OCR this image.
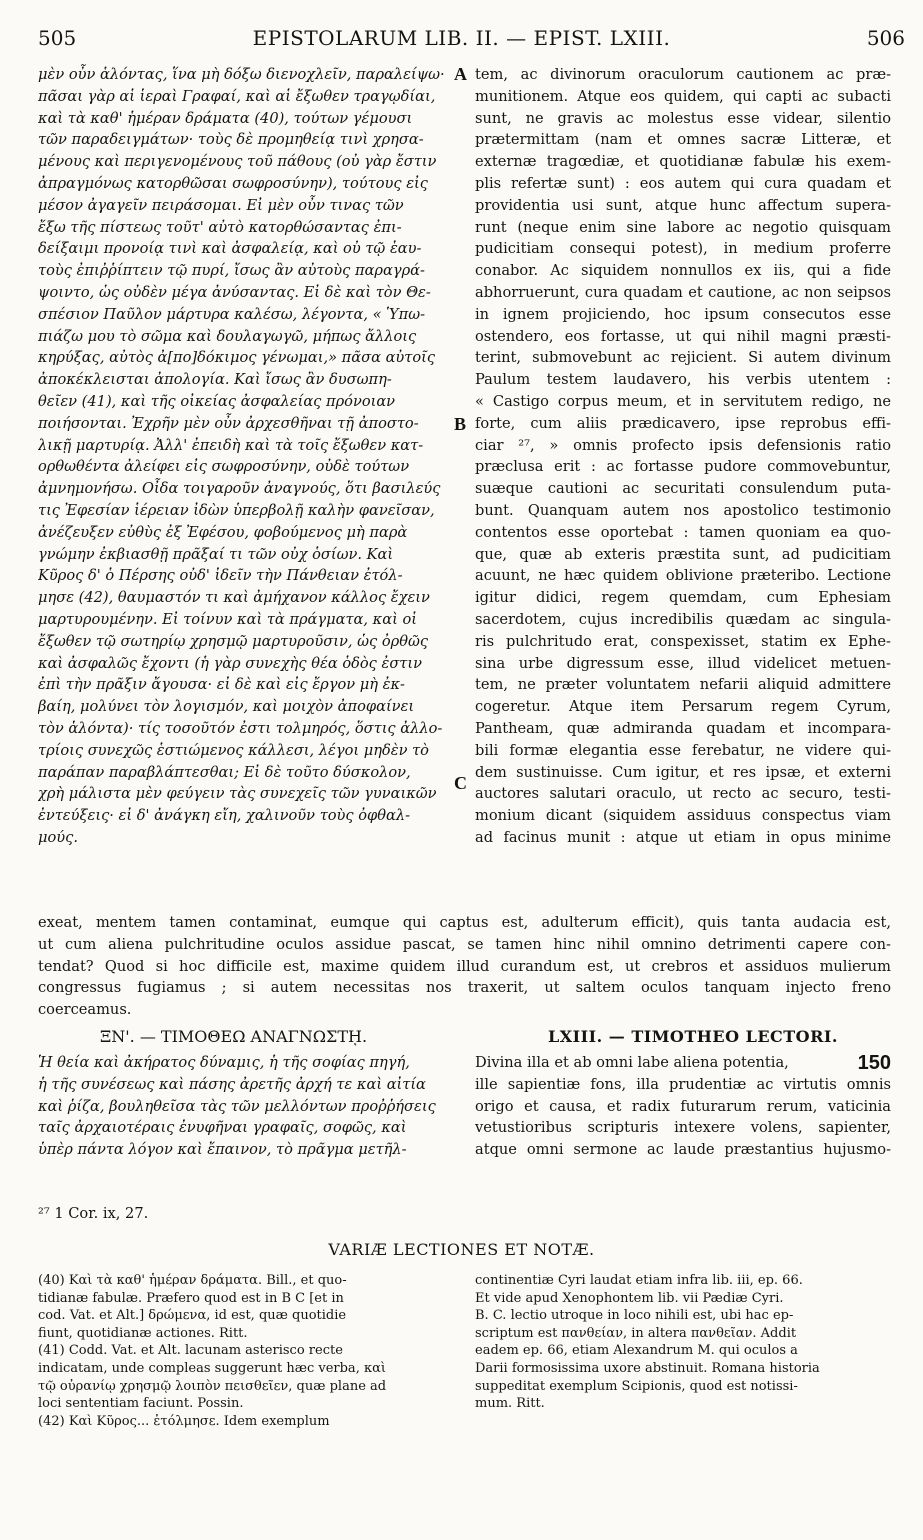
505	EPISTOLARUM LIB. II. — EPIST. LXIII.	506
A
B
C
μὲν οὖν ἁλόντας, ἵνα μὴ δόξω διενοχλεῖν, παραλείψω·
πᾶσαι γὰρ αἱ ἱεραὶ Γραφαί, καὶ αἱ ἔξωθεν τραγῳδίαι,
καὶ τὰ καθ' ἡμέραν δράματα (40), τούτων γέμουσι
τῶν παραδειγμάτων· τοὺς δὲ προμηθείᾳ τινὶ χρησα-
μένους καὶ περιγενομένους τοῦ πάθους (οὐ γὰρ ἔστιν
ἀπραγμόνως κατορθῶσαι σωφροσύνην), τούτους εἰς
μέσον ἀγαγεῖν πειράσομαι. Εἰ μὲν οὖν τινας τῶν
ἔξω τῆς πίστεως τοῦτ' αὐτὸ κατορθώσαντας ἐπι-
δείξαιμι προνοίᾳ τινὶ καὶ ἀσφαλείᾳ, καὶ οὐ τῷ ἑαυ-
τοὺς ἐπιῤῥίπτειν τῷ πυρί, ἴσως ἂν αὐτοὺς παραγρά-
ψοιντο, ὡς οὐδὲν μέγα ἀνύσαντας. Εἰ δὲ καὶ τὸν Θε-
σπέσιον Παῦλον μάρτυρα καλέσω, λέγοντα, « Ὑπω-
πιάζω μου τὸ σῶμα καὶ δουλαγωγῶ, μήπως ἄλλοις
κηρύξας, αὐτὸς ἀ[πο]δόκιμος γένωμαι,» πᾶσα αὐτοῖς
ἀποκέκλεισται ἀπολογία. Καὶ ἴσως ἂν δυσωπη-
θεῖεν (41), καὶ τῆς οἰκείας ἀσφαλείας πρόνοιαν
ποιήσονται. Ἐχρῆν μὲν οὖν ἀρχεσθῆναι τῇ ἀποστο-
λικῇ μαρτυρίᾳ. Ἀλλ' ἐπειδὴ καὶ τὰ τοῖς ἔξωθεν κατ-
ορθωθέντα ἀλείφει εἰς σωφροσύνην, οὐδὲ τούτων
ἀμνημονήσω. Οἶδα τοιγαροῦν ἀναγνούς, ὅτι βασιλεύς
τις Ἐφεσίαν ἱέρειαν ἰδὼν ὑπερβολῇ καλὴν φανεῖσαν,
ἀνέζευξεν εὐθὺς ἐξ Ἐφέσου, φοβούμενος μὴ παρὰ
γνώμην ἐκβιασθῇ πρᾶξαί τι τῶν οὐχ ὁσίων. Καὶ
Κῦρος δ' ὁ Πέρσης οὐδ' ἰδεῖν τὴν Πάνθειαν ἐτόλ-
μησε (42), θαυμαστόν τι καὶ ἀμήχανον κάλλος ἔχειν
μαρτυρουμένην. Εἰ τοίνυν καὶ τὰ πράγματα, καὶ οἱ
ἔξωθεν τῷ σωτηρίῳ χρησμῷ μαρτυροῦσιν, ὡς ὀρθῶς
καὶ ἀσφαλῶς ἔχοντι (ἡ γὰρ συνεχὴς θέα ὁδὸς ἐστιν
ἐπὶ τὴν πρᾶξιν ἄγουσα· εἰ δὲ καὶ εἰς ἔργον μὴ ἐκ-
βαίη, μολύνει τὸν λογισμόν, καὶ μοιχὸν ἀποφαίνει
τὸν ἁλόντα)· τίς τοσοῦτόν ἐστι τολμηρός, ὅστις ἀλλο-
τρίοις συνεχῶς ἑστιώμενος κάλλεσι, λέγοι μηδὲν τὸ
παράπαν παραβλάπτεσθαι; Εἰ δὲ τοῦτο δύσκολον,
χρὴ μάλιστα μὲν φεύγειν τὰς συνεχεῖς τῶν γυναικῶν
ἐντεύξεις· εἰ δ' ἀνάγκη εἴη, χαλινοῦν τοὺς ὀφθαλ-
μούς.
tem, ac divinorum oraculorum cautionem ac præ-
munitionem. Atque eos quidem, qui capti ac subacti
sunt, ne gravis ac molestus esse videar, silentio
prætermittam (nam et omnes sacræ Litteræ, et
externæ tragœdiæ, et quotidianæ fabulæ his exem-
plis refertæ sunt) : eos autem qui cura quadam et
providentia usi sunt, atque hunc affectum supera-
runt (neque enim sine labore ac negotio quisquam
pudicitiam consequi potest), in medium proferre
conabor. Ac siquidem nonnullos ex iis, qui a fide
abhorruerunt, cura quadam et cautione, ac non seipsos
in ignem projiciendo, hoc ipsum consecutos esse
ostendero, eos fortasse, ut qui nihil magni præsti-
terint, submovebunt ac rejicient. Si autem divinum
Paulum testem laudavero, his verbis utentem :
« Castigo corpus meum, et in servitutem redigo, ne
forte, cum aliis prædicavero, ipse reprobus effi-
ciar ²⁷, » omnis profecto ipsis defensionis ratio
præclusa erit : ac fortasse pudore commovebuntur,
suæque cautioni ac securitati consulendum puta-
bunt. Quanquam autem nos apostolico testimonio
contentos esse oportebat : tamen quoniam ea quo-
que, quæ ab exteris præstita sunt, ad pudicitiam
acuunt, ne hæc quidem oblivione præteribo. Lectione
igitur didici, regem quemdam, cum Ephesiam
sacerdotem, cujus incredibilis quædam ac singula-
ris pulchritudo erat, conspexisset, statim ex Ephe-
sina urbe digressum esse, illud videlicet metuen-
tem, ne præter voluntatem nefarii aliquid admittere
cogeretur. Atque item Persarum regem Cyrum,
Pantheam, quæ admiranda quadam et incompara-
bili formæ elegantia esse ferebatur, ne videre qui-
dem sustinuisse. Cum igitur, et res ipsæ, et externi
auctores salutari oraculo, ut recto ac securo, testi-
monium dicant (siquidem assiduus conspectus viam
ad facinus munit : atque ut etiam in opus minime
exeat, mentem tamen contaminat, eumque qui captus est, adulterum efficit), quis tanta audacia est,
ut cum aliena pulchritudine oculos assidue pascat, se tamen hinc nihil omnino detrimenti capere con-
tendat? Quod si hoc difficile est, maxime quidem illud curandum est, ut crebros et assiduos mulierum
congressus fugiamus ; si autem necessitas nos traxerit, ut saltem oculos tanquam injecto freno
coerceamus.
ΞΝ'. — ΤΙΜΟΘΕΩ ΑΝΑΓΝΩΣΤῌ.	LXIII. — TIMOTHEO LECTORI.
Ἡ θεία καὶ ἀκήρατος δύναμις, ἡ τῆς σοφίας πηγή,
ἡ τῆς συνέσεως καὶ πάσης ἀρετῆς ἀρχή τε καὶ αἰτία
καὶ ῥίζα, βουληθεῖσα τὰς τῶν μελλόντων προῤῥήσεις
ταῖς ἀρχαιοτέραις ἐνυφῆναι γραφαῖς, σοφῶς, καὶ
ὑπὲρ πάντα λόγον καὶ ἔπαινον, τὸ πρᾶγμα μετῆλ-
Divina illa et ab omni labe aliena potentia,	150
ille sapientiæ fons, illa prudentiæ ac virtutis omnis
origo et causa, et radix futurarum rerum, vaticinia
vetustioribus scripturis intexere volens, sapienter,
atque omni sermone ac laude præstantius hujusmo-
²⁷ 1 Cor. ix, 27.
VARIÆ LECTIONES ET NOTÆ.
(40) Καὶ τὰ καθ' ἡμέραν δράματα. Bill., et quo-
tidianæ fabulæ. Præfero quod est in B C [et in
cod. Vat. et Alt.] δρώμενα, id est, quæ quotidie
fiunt, quotidianæ actiones. Ritt.
(41) Codd. Vat. et Alt. lacunam asterisco recte
indicatam, unde compleas suggerunt hæc verba, καὶ
τῷ οὐρανίῳ χρησμῷ λοιπὸν πεισθεῖεν, quæ plane ad
loci sententiam faciunt. Possin.
(42) Καὶ Κῦρος... ἐτόλμησε. Idem exemplum
continentiæ Cyri laudat etiam infra lib. iii, ep. 66.
Et vide apud Xenophontem lib. vii Pædiæ Cyri.
B. C. lectio utroque in loco nihili est, ubi hac ep-
scriptum est πανθείαν, in altera πανθεῖαν. Addit
eadem ep. 66, etiam Alexandrum M. qui oculos a
Darii formosissima uxore abstinuit. Romana historia
suppeditat exemplum Scipionis, quod est notissi-
mum. Ritt.
